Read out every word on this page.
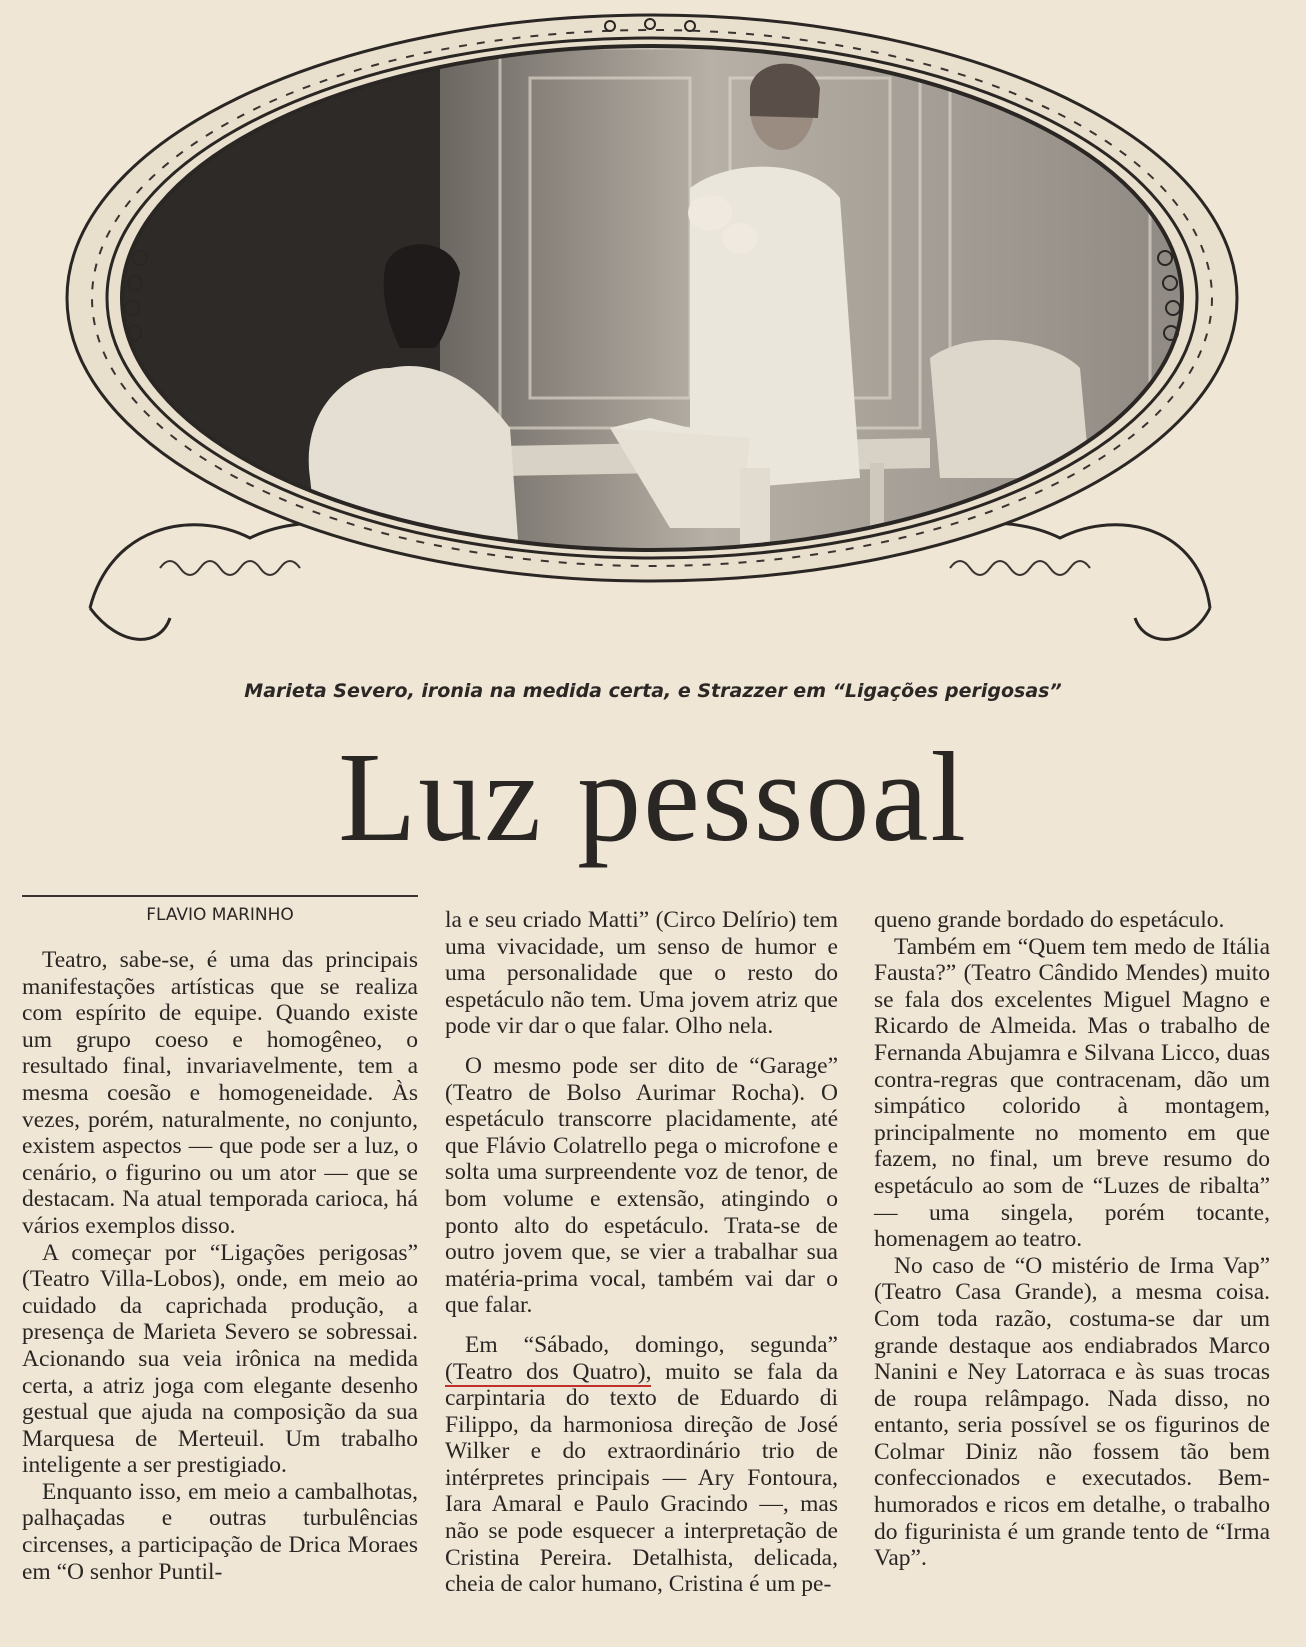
Marieta Severo, ironia na medida certa, e Strazzer em “Ligações perigosas”
Luz pessoal
FLAVIO MARINHO

Teatro, sabe-se, é uma das principais manifestações artísticas que se realiza com espírito de equipe. Quando existe um grupo coeso e homogêneo, o resultado final, invariavelmente, tem a mesma coesão e homogeneidade. Às vezes, porém, naturalmente, no conjunto, existem aspectos — que pode ser a luz, o cenário, o figurino ou um ator — que se destacam. Na atual temporada carioca, há vários exemplos disso.

A começar por “Ligações perigosas” (Teatro Villa-Lobos), onde, em meio ao cuidado da caprichada produção, a presença de Marieta Severo se sobressai. Acionando sua veia irônica na medida certa, a atriz joga com elegante desenho gestual que ajuda na composição da sua Marquesa de Merteuil. Um trabalho inteligente a ser prestigiado.

Enquanto isso, em meio a cambalhotas, palhaçadas e outras turbulências circenses, a participação de Drica Moraes em “O senhor Puntil-

la e seu criado Matti” (Circo Delírio) tem uma vivacidade, um senso de humor e uma personalidade que o resto do espetáculo não tem. Uma jovem atriz que pode vir dar o que falar. Olho nela.

O mesmo pode ser dito de “Garage” (Teatro de Bolso Aurimar Rocha). O espetáculo transcorre placidamente, até que Flávio Colatrello pega o microfone e solta uma surpreendente voz de tenor, de bom volume e extensão, atingindo o ponto alto do espetáculo. Trata-se de outro jovem que, se vier a trabalhar sua matéria-prima vocal, também vai dar o que falar.

Em “Sábado, domingo, segunda” (Teatro dos Quatro), muito se fala da carpintaria do texto de Eduardo di Filippo, da harmoniosa direção de José Wilker e do extraordinário trio de intérpretes principais — Ary Fontoura, Iara Amaral e Paulo Gracindo —, mas não se pode esquecer a interpretação de Cristina Pereira. Detalhista, delicada, cheia de calor humano, Cristina é um pe-

queno grande bordado do espetáculo.

Também em “Quem tem medo de Itália Fausta?” (Teatro Cândido Mendes) muito se fala dos excelentes Miguel Magno e Ricardo de Almeida. Mas o trabalho de Fernanda Abujamra e Silvana Licco, duas contra-regras que contracenam, dão um simpático colorido à montagem, principalmente no momento em que fazem, no final, um breve resumo do espetáculo ao som de “Luzes de ribalta” — uma singela, porém tocante, homenagem ao teatro.

No caso de “O mistério de Irma Vap” (Teatro Casa Grande), a mesma coisa. Com toda razão, costuma-se dar um grande destaque aos endiabrados Marco Nanini e Ney Latorraca e às suas trocas de roupa relâmpago. Nada disso, no entanto, seria possível se os figurinos de Colmar Diniz não fossem tão bem confeccionados e executados. Bem-humorados e ricos em detalhe, o trabalho do figurinista é um grande tento de “Irma Vap”.
